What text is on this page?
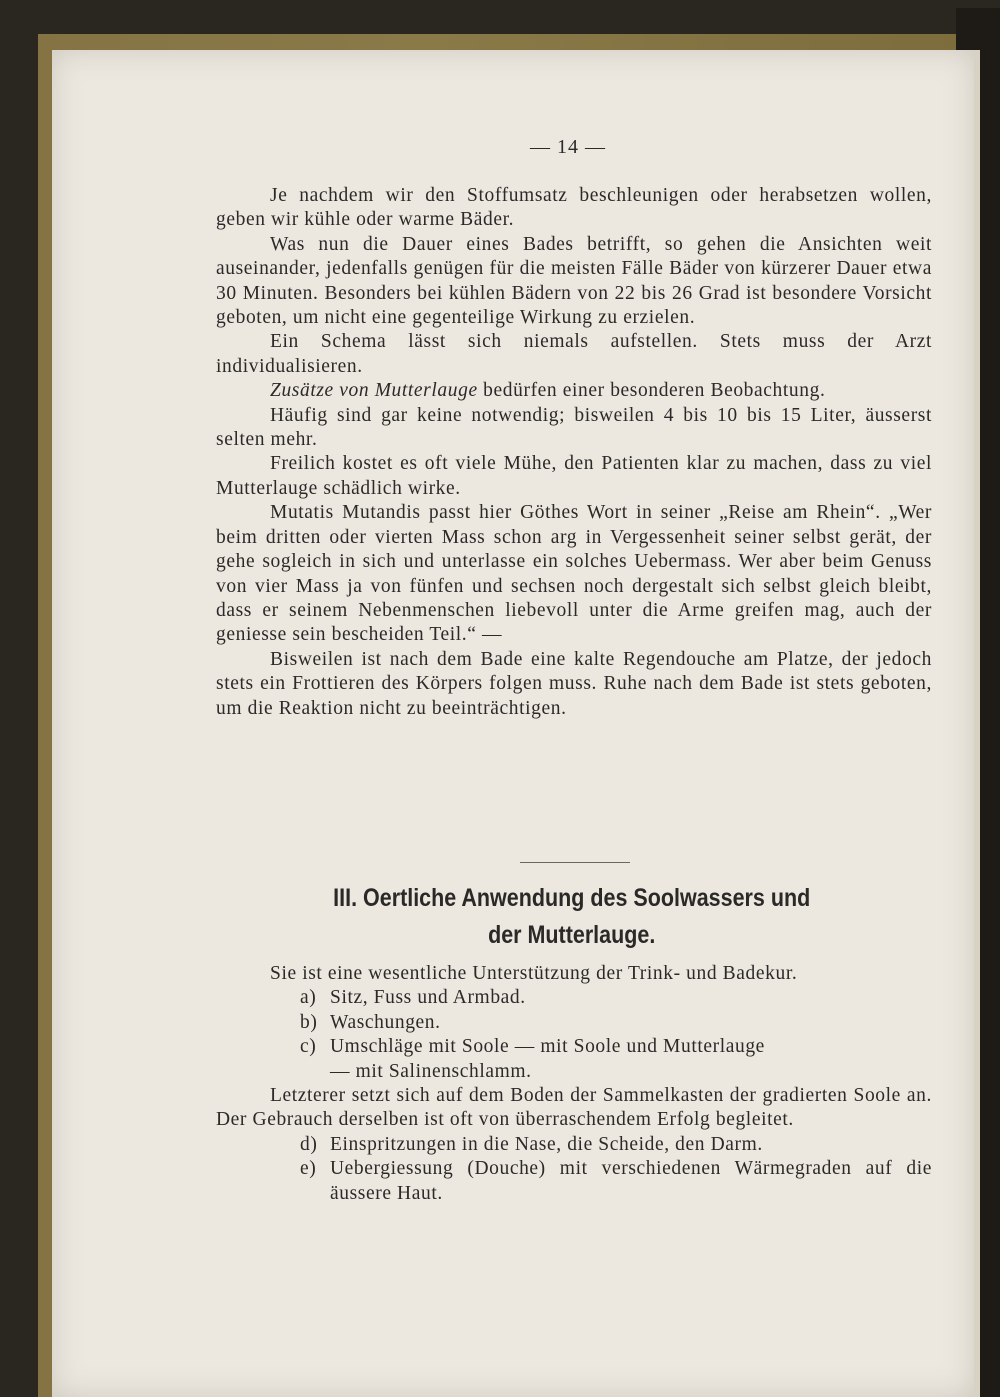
— 14 —

Je nachdem wir den Stoffumsatz beschleunigen oder herabsetzen wollen, geben wir kühle oder warme Bäder.

Was nun die Dauer eines Bades betrifft, so gehen die Ansichten weit auseinander, jedenfalls genügen für die meisten Fälle Bäder von kürzerer Dauer etwa 30 Minuten. Besonders bei kühlen Bädern von 22 bis 26 Grad ist besondere Vorsicht geboten, um nicht eine gegenteilige Wirkung zu erzielen.

Ein Schema lässt sich niemals aufstellen. Stets muss der Arzt individualisieren.

Zusätze von Mutterlauge bedürfen einer besonderen Beobachtung.

Häufig sind gar keine notwendig; bisweilen 4 bis 10 bis 15 Liter, äusserst selten mehr.

Freilich kostet es oft viele Mühe, den Patienten klar zu machen, dass zu viel Mutterlauge schädlich wirke.

Mutatis Mutandis passt hier Göthes Wort in seiner „Reise am Rhein“. „Wer beim dritten oder vierten Mass schon arg in Vergessenheit seiner selbst gerät, der gehe sogleich in sich und unterlasse ein solches Uebermass. Wer aber beim Genuss von vier Mass ja von fünfen und sechsen noch dergestalt sich selbst gleich bleibt, dass er seinem Nebenmenschen liebevoll unter die Arme greifen mag, auch der geniesse sein bescheiden Teil.“ —

Bisweilen ist nach dem Bade eine kalte Regendouche am Platze, der jedoch stets ein Frottieren des Körpers folgen muss. Ruhe nach dem Bade ist stets geboten, um die Reaktion nicht zu beeinträchtigen.

III. Oertliche Anwendung des Soolwassers und
der Mutterlauge.

Sie ist eine wesentliche Unterstützung der Trink- und Badekur.

a) Sitz, Fuss und Armbad.
b) Waschungen.
c) Umschläge mit Soole — mit Soole und Mutterlauge
— mit Salinenschlamm.

Letzterer setzt sich auf dem Boden der Sammelkasten der gradierten Soole an. Der Gebrauch derselben ist oft von überraschendem Erfolg begleitet.

d) Einspritzungen in die Nase, die Scheide, den Darm.
e) Uebergiessung (Douche) mit verschiedenen Wärmegraden auf die äussere Haut.
